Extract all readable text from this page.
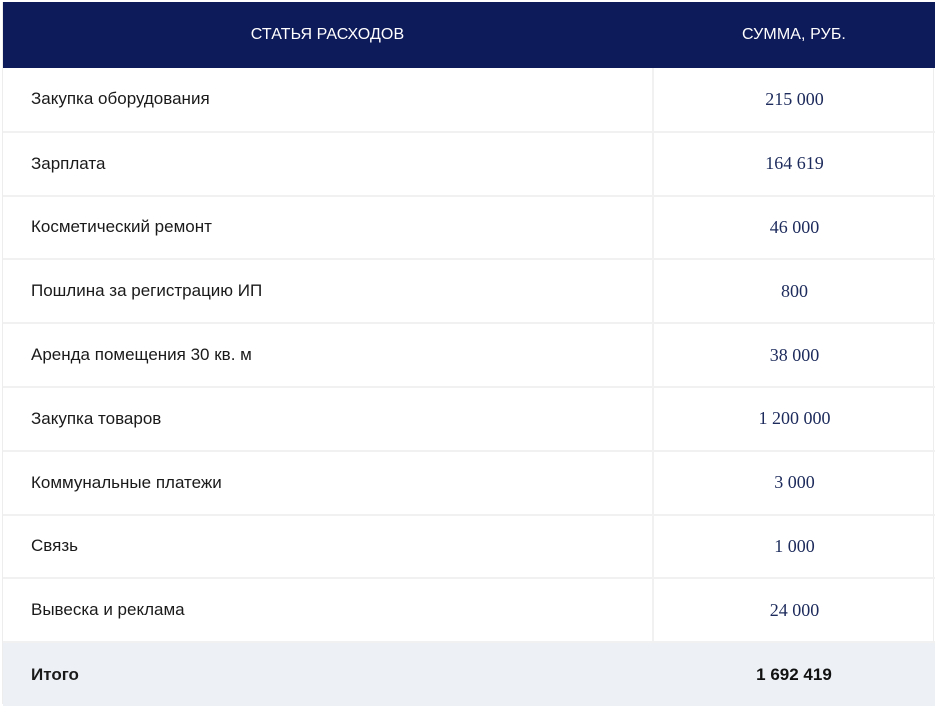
СТАТЬЯ РАСХОДОВ	СУММА, РУБ.
Закупка оборудования	215 000
Зарплата	164 619
Косметический ремонт	46 000
Пошлина за регистрацию ИП	800
Аренда помещения 30 кв. м	38 000
Закупка товаров	1 200 000
Коммунальные платежи	3 000
Связь	1 000
Вывеска и реклама	24 000
Итого	1 692 419
